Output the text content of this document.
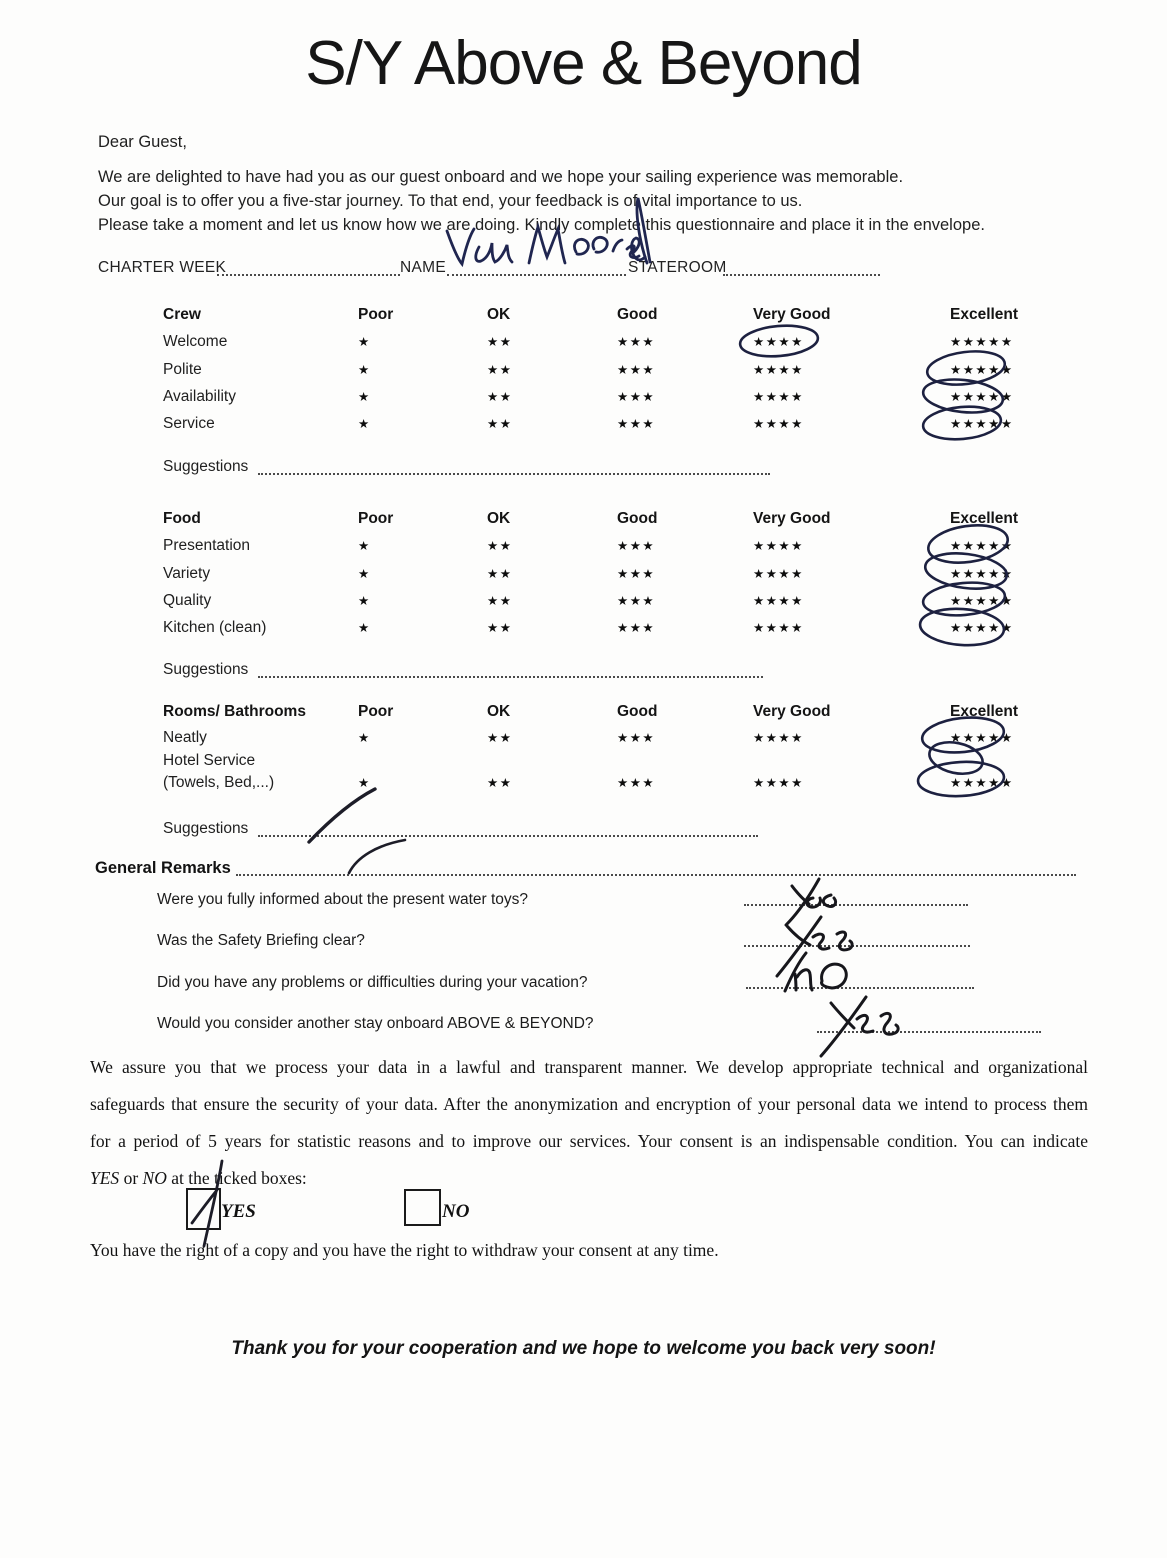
S/Y Above & Beyond
Dear Guest,
We are delighted to have had you as our guest onboard and we hope your sailing experience was memorable.
Our goal is to offer you a five-star journey. To that end, your feedback is of vital importance to us.
Please take a moment and let us know how we are doing. Kindly complete this questionnaire and place it in the envelope.
CHARTER WEEK	NAME	STATEROOM
Crew	Poor	OK	Good	Very Good	Excellent
Welcome	★	★★	★★★	★★★★	★★★★★
Polite	★	★★	★★★	★★★★	★★★★★
Availability	★	★★	★★★	★★★★	★★★★★
Service	★	★★	★★★	★★★★	★★★★★
Suggestions
Food	Poor	OK	Good	Very Good	Excellent
Presentation	★	★★	★★★	★★★★	★★★★★
Variety	★	★★	★★★	★★★★	★★★★★
Quality	★	★★	★★★	★★★★	★★★★★
Kitchen (clean)	★	★★	★★★	★★★★	★★★★★
Suggestions
Rooms/ Bathrooms	Poor	OK	Good	Very Good	Excellent
Neatly	★	★★	★★★	★★★★	★★★★★
Hotel Service
(Towels, Bed,...)	★	★★	★★★	★★★★	★★★★★
Suggestions
General Remarks
Were you fully informed about the present water toys?
Was the Safety Briefing clear?
Did you have any problems or difficulties during your vacation?
Would you consider another stay onboard ABOVE & BEYOND?
We assure you that we process your data in a lawful and transparent manner. We develop appropriate technical and organizational
safeguards that ensure the security of your data. After the anonymization and encryption of your personal data we intend to process them
for a period of 5 years for statistic reasons and to improve our services. Your consent is an indispensable condition. You can indicate
YES or NO at the ticked boxes:
YES	NO
You have the right of a copy and you have the right to withdraw your consent at any time.
Thank you for your cooperation and we hope to welcome you back very soon!
